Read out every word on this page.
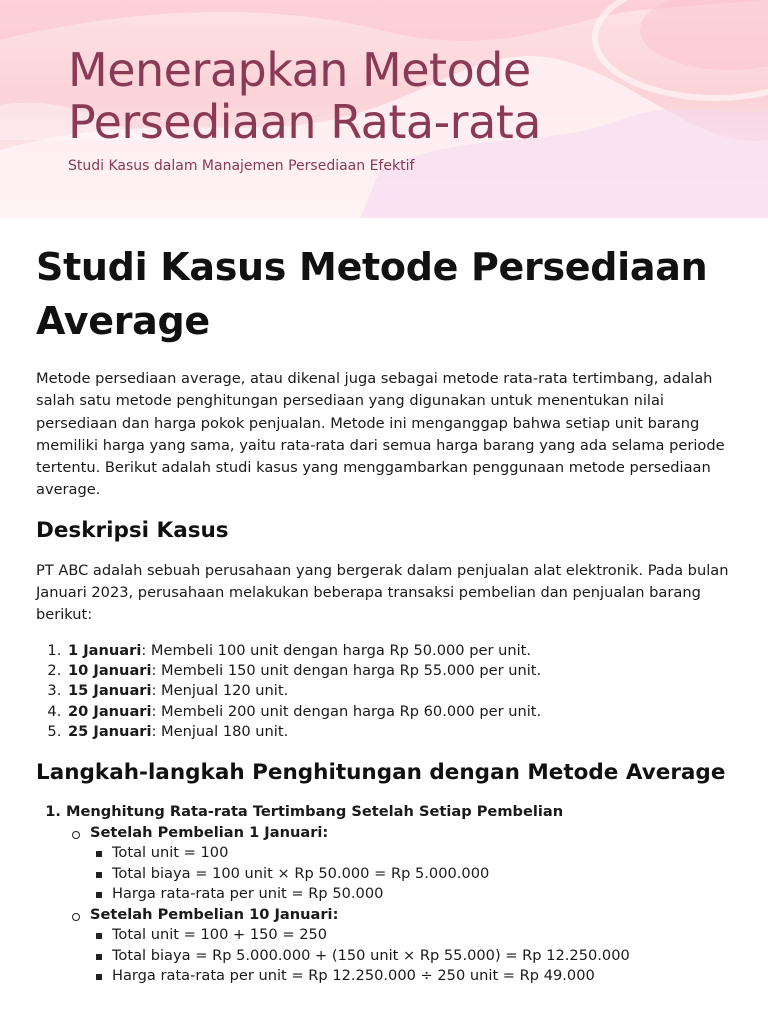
Menerapkan Metode Persediaan Rata-rata

Studi Kasus dalam Manajemen Persediaan Efektif

Studi Kasus Metode Persediaan Average

Metode persediaan average, atau dikenal juga sebagai metode rata-rata tertimbang, adalah salah satu metode penghitungan persediaan yang digunakan untuk menentukan nilai persediaan dan harga pokok penjualan. Metode ini menganggap bahwa setiap unit barang memiliki harga yang sama, yaitu rata-rata dari semua harga barang yang ada selama periode tertentu. Berikut adalah studi kasus yang menggambarkan penggunaan metode persediaan average.

Deskripsi Kasus

PT ABC adalah sebuah perusahaan yang bergerak dalam penjualan alat elektronik. Pada bulan Januari 2023, perusahaan melakukan beberapa transaksi pembelian dan penjualan barang berikut:

1. 1 Januari: Membeli 100 unit dengan harga Rp 50.000 per unit.
2. 10 Januari: Membeli 150 unit dengan harga Rp 55.000 per unit.
3. 15 Januari: Menjual 120 unit.
4. 20 Januari: Membeli 200 unit dengan harga Rp 60.000 per unit.
5. 25 Januari: Menjual 180 unit.
Langkah-langkah Penghitungan dengan Metode Average
1. Menghitung Rata-rata Tertimbang Setelah Setiap Pembelian
Setelah Pembelian 1 Januari:
Total unit = 100
Total biaya = 100 unit × Rp 50.000 = Rp 5.000.000
Harga rata-rata per unit = Rp 50.000
Setelah Pembelian 10 Januari:
Total unit = 100 + 150 = 250
Total biaya = Rp 5.000.000 + (150 unit × Rp 55.000) = Rp 12.250.000
Harga rata-rata per unit = Rp 12.250.000 ÷ 250 unit = Rp 49.000
